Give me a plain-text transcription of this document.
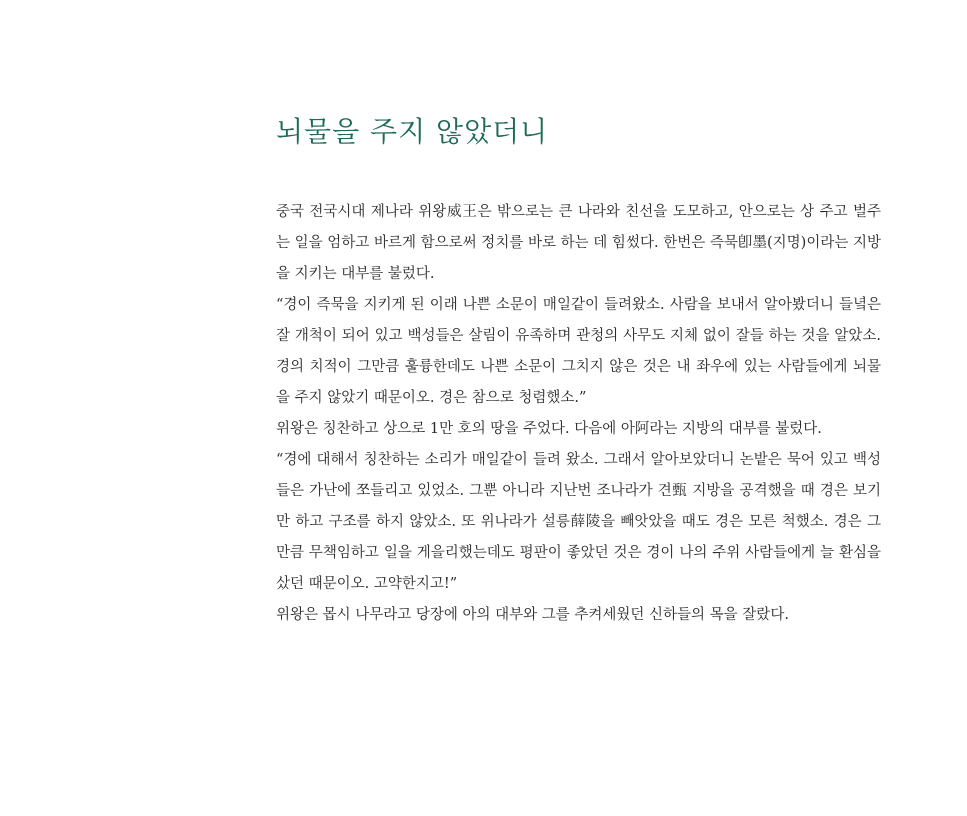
뇌물을 주지 않았더니

중국 전국시대 제나라 위왕威王은 밖으로는 큰 나라와 친선을 도모하고, 안으로는 상 주고 벌주는 일을 엄하고 바르게 함으로써 정치를 바로 하는 데 힘썼다. 한번은 즉묵卽墨(지명)이라는 지방을 지키는 대부를 불렀다.

“경이 즉묵을 지키게 된 이래 나쁜 소문이 매일같이 들려왔소. 사람을 보내서 알아봤더니 들녘은 잘 개척이 되어 있고 백성들은 살림이 유족하며 관청의 사무도 지체 없이 잘들 하는 것을 알았소. 경의 치적이 그만큼 훌륭한데도 나쁜 소문이 그치지 않은 것은 내 좌우에 있는 사람들에게 뇌물을 주지 않았기 때문이오. 경은 참으로 청렴했소.”

위왕은 칭찬하고 상으로 1만 호의 땅을 주었다. 다음에 아阿라는 지방의 대부를 불렀다.

“경에 대해서 칭찬하는 소리가 매일같이 들려 왔소. 그래서 알아보았더니 논밭은 묵어 있고 백성들은 가난에 쪼들리고 있었소. 그뿐 아니라 지난번 조나라가 견甄 지방을 공격했을 때 경은 보기만 하고 구조를 하지 않았소. 또 위나라가 설릉薛陵을 빼앗았을 때도 경은 모른 척했소. 경은 그만큼 무책임하고 일을 게을리했는데도 평판이 좋았던 것은 경이 나의 주위 사람들에게 늘 환심을 샀던 때문이오. 고약한지고!”

위왕은 몹시 나무라고 당장에 아의 대부와 그를 추켜세웠던 신하들의 목을 잘랐다.
